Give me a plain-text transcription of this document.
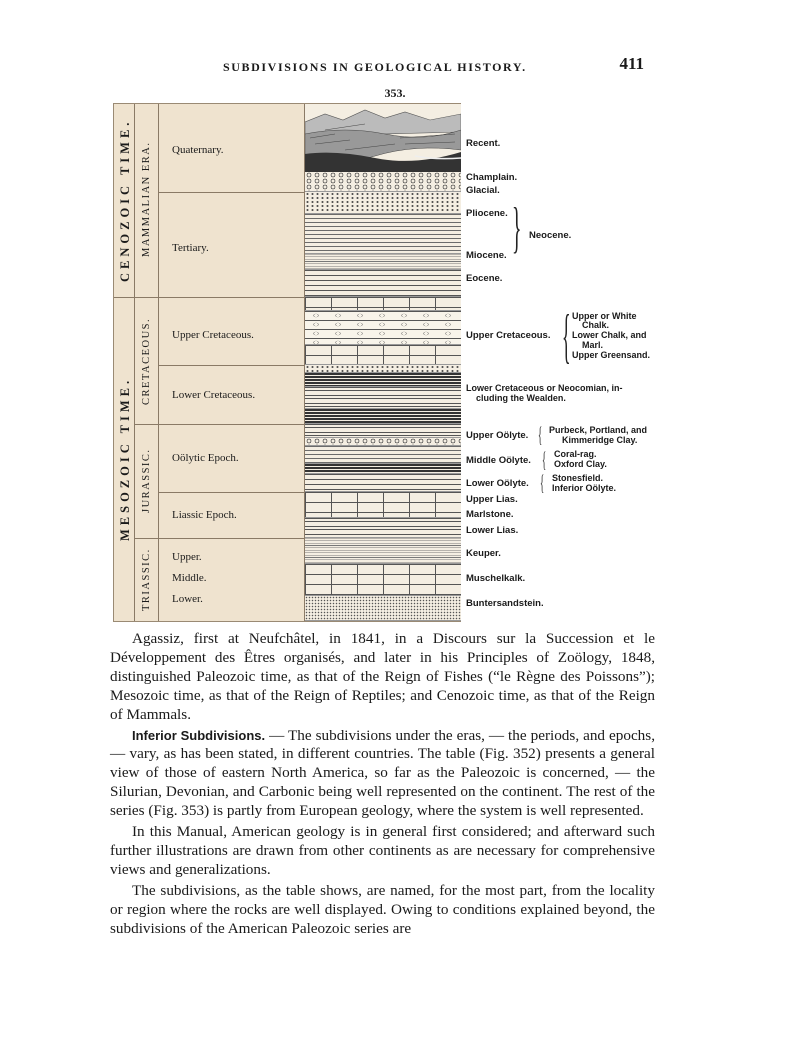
SUBDIVISIONS IN GEOLOGICAL HISTORY.	411
353.
CENOZOIC TIME.
MESOZOIC TIME.
MAMMALIAN ERA.
CRETACEOUS.
JURASSIC.
TRIASSIC.
Quaternary.
Tertiary.
Upper Cretaceous.
Lower Cretaceous.
Oölytic Epoch.
Liassic Epoch.
Upper.
Middle.
Lower.
Recent.
Champlain.
Glacial.
Pliocene. } Neocene.
Miocene.
Eocene.
Upper Cretaceous. { Upper or White
Chalk.
Lower Chalk, and
Marl.
Upper Greensand.
Lower Cretaceous or Neocomian, in-
cluding the Wealden.
Upper Oölyte. { Purbeck, Portland, and
Kimmeridge Clay.
Middle Oölyte. { Coral-rag.
Oxford Clay.
Lower Oölyte. { Stonesfield.
Inferior Oölyte.
Upper Lias.
Marlstone.
Lower Lias.
Keuper.
Muschelkalk.
Buntersandstein.

Agassiz, first at Neufchâtel, in 1841, in a Discours sur la Succession et le Développement des Êtres organisés, and later in his Principles of Zoölogy, 1848, distinguished Paleozoic time, as that of the Reign of Fishes (“le Règne des Poissons”); Mesozoic time, as that of the Reign of Reptiles; and Cenozoic time, as that of the Reign of Mammals.

Inferior Subdivisions. — The subdivisions under the eras, — the periods, and epochs, — vary, as has been stated, in different countries. The table (Fig. 352) presents a general view of those of eastern North America, so far as the Paleozoic is concerned, — the Silurian, Devonian, and Carbonic being well represented on the continent. The rest of the series (Fig. 353) is partly from European geology, where the system is well represented.

In this Manual, American geology is in general first considered; and afterward such further illustrations are drawn from other continents as are necessary for comprehensive views and generalizations.

The subdivisions, as the table shows, are named, for the most part, from the locality or region where the rocks are well displayed. Owing to conditions explained beyond, the subdivisions of the American Paleozoic series are
